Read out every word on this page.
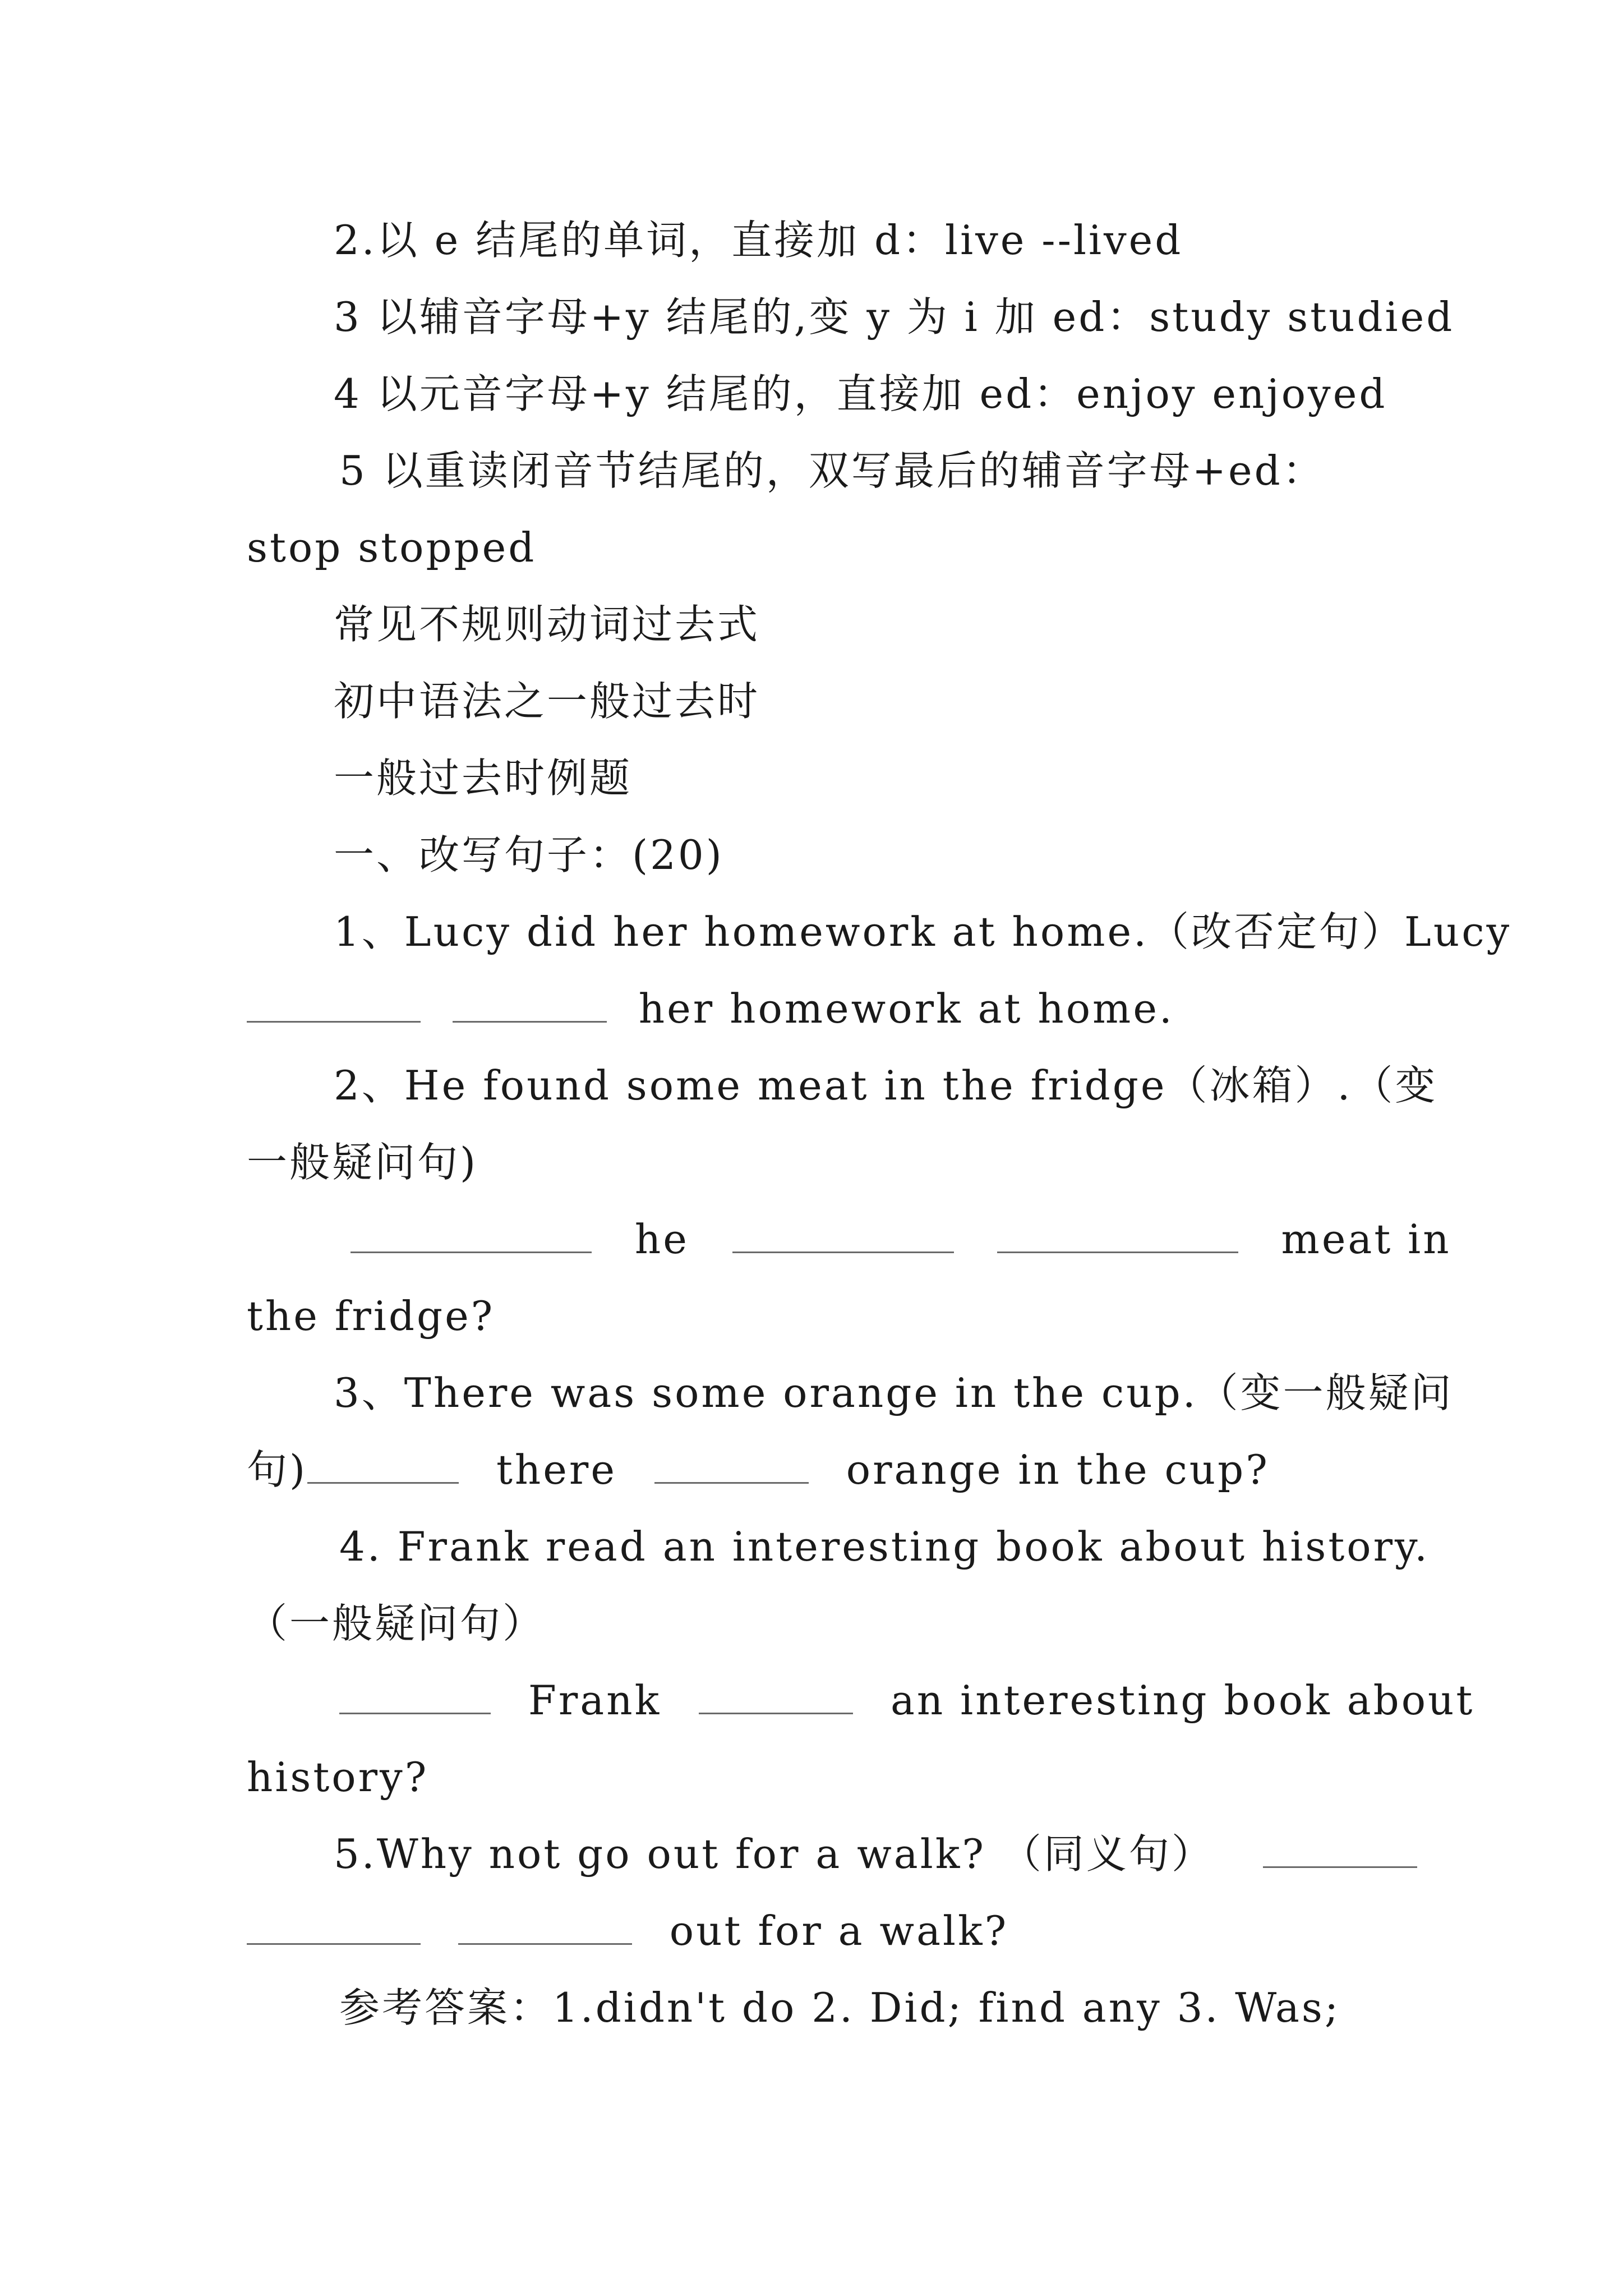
2.以 e 结尾的单词，直接加 d：live --lived
3 以辅音字母+y 结尾的,变 y 为 i 加 ed：study studied
4 以元音字母+y 结尾的，直接加 ed：enjoy enjoyed
5 以重读闭音节结尾的，双写最后的辅音字母+ed：
stop stopped
常见不规则动词过去式
初中语法之一般过去时
一般过去时例题
一、改写句子：(20)
1、Lucy did her homework at home.（改否定句）Lucy
her homework at home.
2、He found some meat in the fridge（冰箱）.（变
一般疑问句)
he	meat in
the fridge?
3、There was some orange in the cup.（变一般疑问
句)	there	orange in the cup?
4. Frank read an interesting book about history.
（一般疑问句）
Frank	an interesting book about
history?
5.Why not go out for a walk? （同义句）
out for a walk?
参考答案：1.didn't do 2. Did; find any 3. Was;
